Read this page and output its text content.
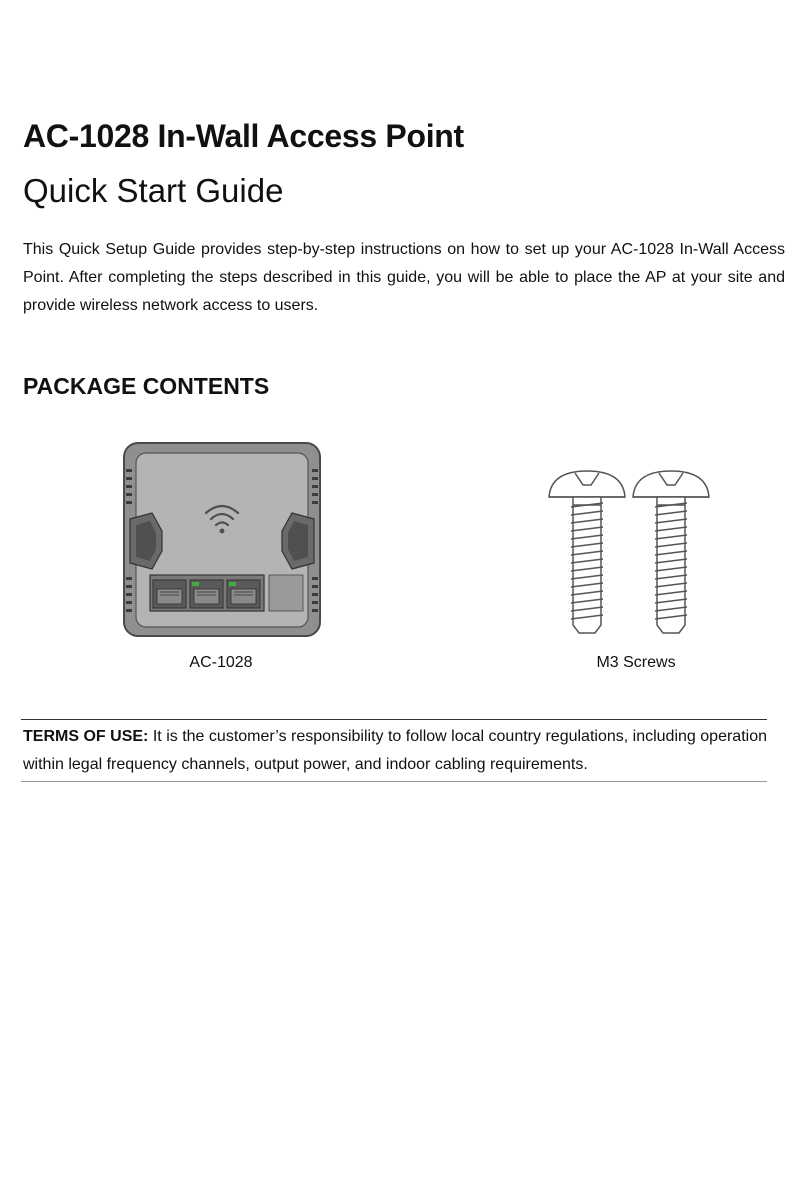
AC-1028 In-Wall Access Point
Quick Start Guide

This Quick Setup Guide provides step-by-step instructions on how to set up your AC-1028 In-Wall Access Point. After completing the steps described in this guide, you will be able to place the AP at your site and provide wireless network access to users.

PACKAGE CONTENTS
AC-1028	M3 Screws

TERMS OF USE: It is the customer’s responsibility to follow local country regulations, including operation within legal frequency channels, output power, and indoor cabling requirements.
